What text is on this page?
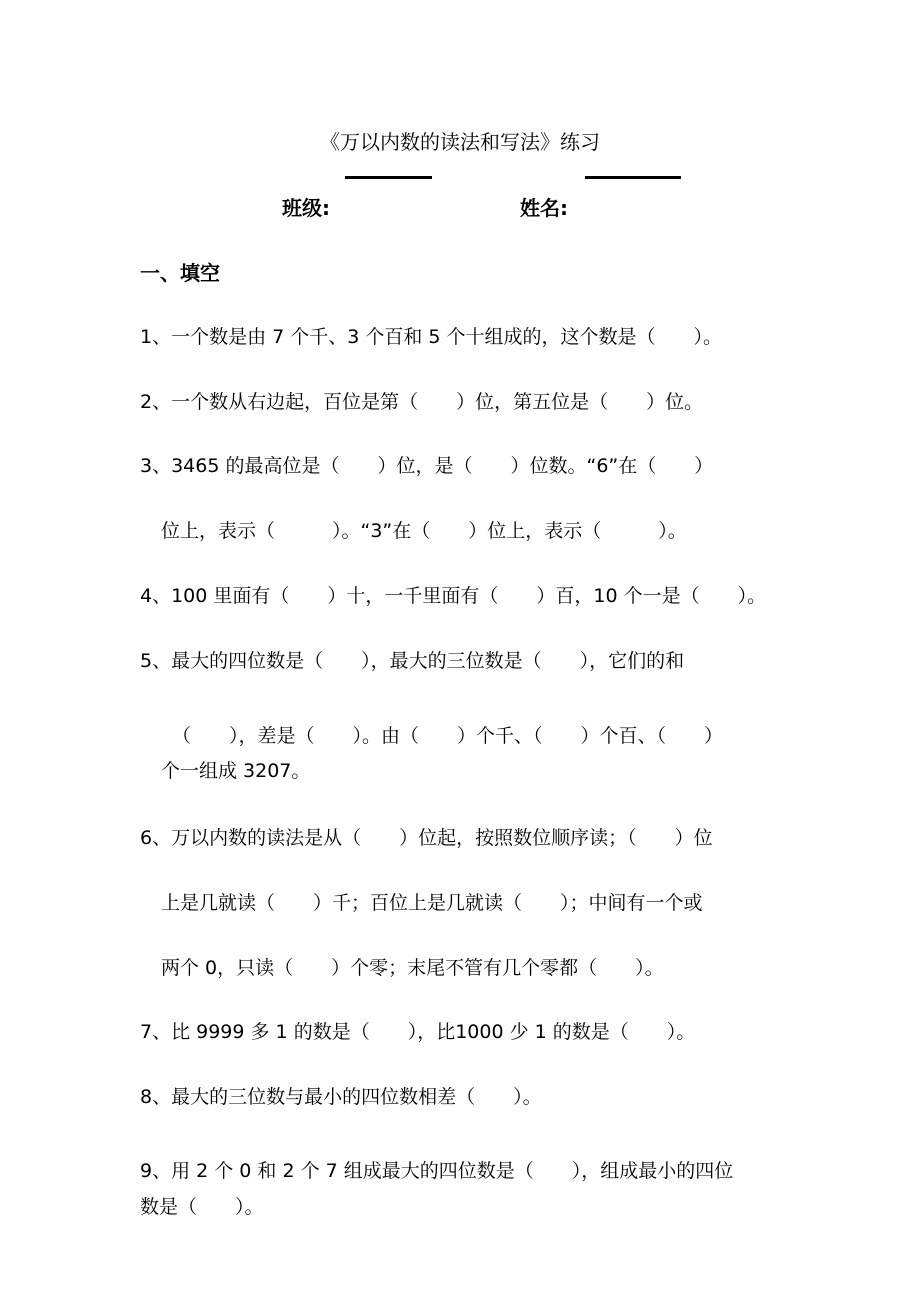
《万以内数的读法和写法》练习
班级:	姓名:
一、填空
1、一个数是由 7 个千、3 个百和 5 个十组成的，这个数是（　　）。
2、一个数从右边起，百位是第（　　）位，第五位是（　　）位。
3、3465 的最高位是（　　）位，是（　　）位数。“6”在（　　）
位上，表示（　　　）。“3”在（　　）位上，表示（　　　）。
4、100 里面有（　　）十，一千里面有（　　）百，10 个一是（　　）。
5、最大的四位数是（　　），最大的三位数是（　　），它们的和
（　　），差是（　　）。由（　　）个千、（　　）个百、（　　）
个一组成 3207。
6、万以内数的读法是从（　　）位起，按照数位顺序读；（　　）位
上是几就读（　　）千；百位上是几就读（　　）；中间有一个或
两个 0，只读（　　）个零；末尾不管有几个零都（　　）。
7、比 9999 多 1 的数是（　　），比1000 少 1 的数是（　　）。
8、最大的三位数与最小的四位数相差（　　）。
9、用 2 个 0 和 2 个 7 组成最大的四位数是（　　），组成最小的四位
数是（　　）。
